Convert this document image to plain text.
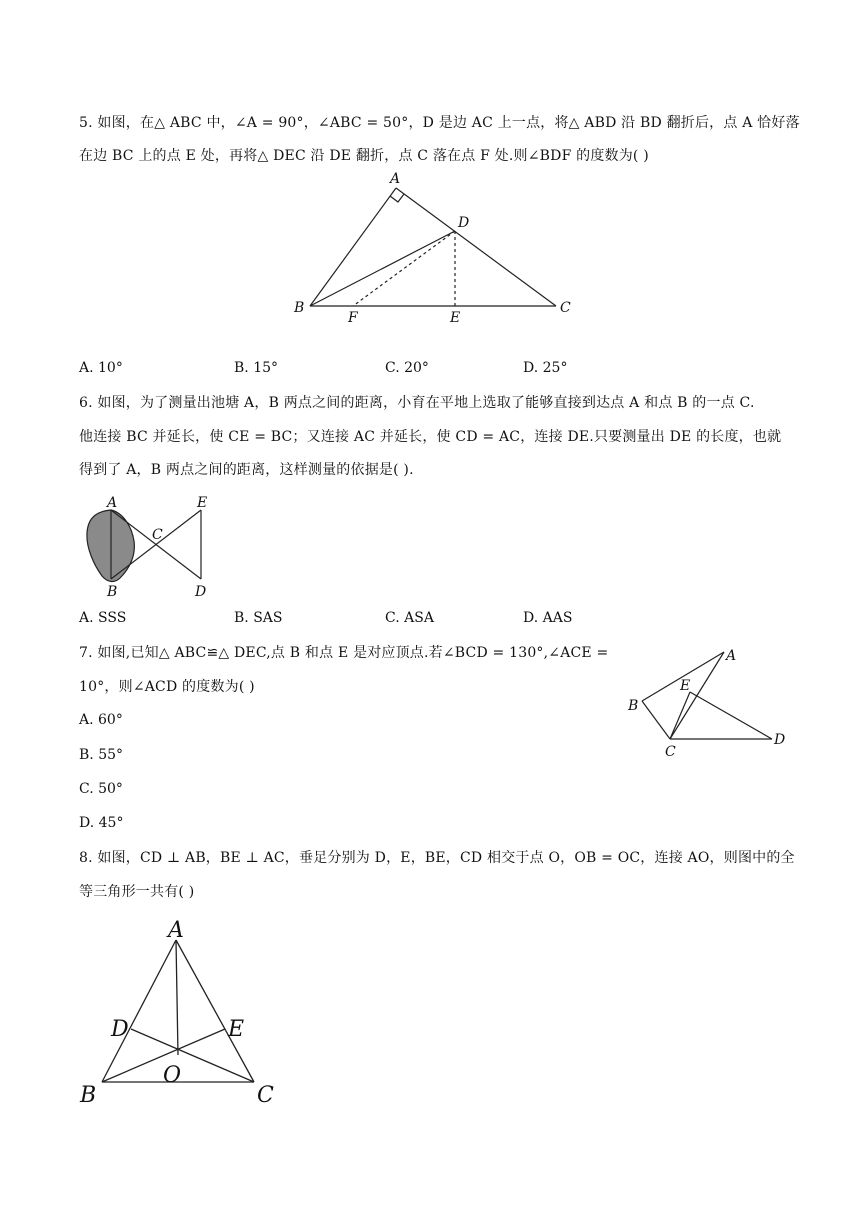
5. 如图，在△ ABC 中，∠A = 90°，∠ABC = 50°，D 是边 AC 上一点，将△ ABD 沿 BD 翻折后，点 A 恰好落
在边 BC 上的点 E 处，再将△ DEC 沿 DE 翻折，点 C 落在点 F 处.则∠BDF 的度数为( )
A
B	C
D
E
F
A. 10°	B. 15°	C. 20°	D. 25°
6. 如图，为了测量出池塘 A，B 两点之间的距离，小育在平地上选取了能够直接到达点 A 和点 B 的一点 C.
他连接 BC 并延长，使 CE = BC；又连接 AC 并延长，使 CD = AC，连接 DE.只要测量出 DE 的长度，也就
得到了 A，B 两点之间的距离，这样测量的依据是( ).
A
B
C
D
E
A. SSS	B. SAS	C. ASA	D. AAS
7. 如图,已知△ ABC≌△ DEC,点 B 和点 E 是对应顶点.若∠BCD = 130°,∠ACE =
10°，则∠ACD 的度数为( )
A
B
C
D
E
A. 60°
B. 55°
C. 50°
D. 45°
8. 如图，CD ⊥ AB，BE ⊥ AC，垂足分别为 D，E，BE，CD 相交于点 O，OB = OC，连接 AO，则图中的全
等三角形一共有( )
A
B	C
D	E
O
